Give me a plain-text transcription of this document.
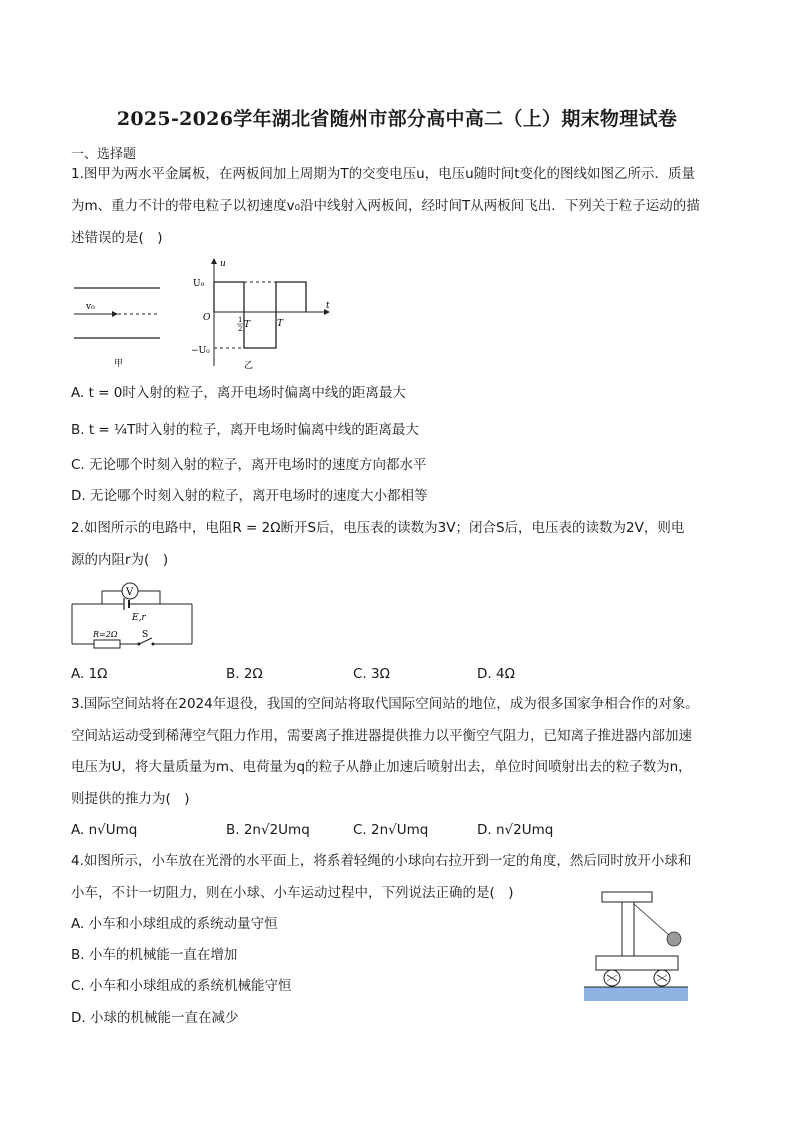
2025-2026学年湖北省随州市部分高中高二（上）期末物理试卷
一、选择题
1.图甲为两水平金属板，在两板间加上周期为T的交变电压u，电压u随时间t变化的图线如图乙所示．质量
为m、重力不计的带电粒子以初速度v₀沿中线射入两板间，经时间T从两板间飞出．下列关于粒子运动的描
述错误的是(　)
v₀
甲
u
t
U₀
−U₀
O	1
2 T	T
乙
A. t = 0时入射的粒子，离开电场时偏离中线的距离最大
B. t = ¼T时入射的粒子，离开电场时偏离中线的距离最大
C. 无论哪个时刻入射的粒子，离开电场时的速度方向都水平
D. 无论哪个时刻入射的粒子，离开电场时的速度大小都相等
2.如图所示的电路中，电阻R = 2Ω断开S后，电压表的读数为3V；闭合S后，电压表的读数为2V，则电
源的内阻r为(　)
V
E,r
R=2Ω	S
A. 1Ω	B. 2Ω	C. 3Ω	D. 4Ω
3.国际空间站将在2024年退役，我国的空间站将取代国际空间站的地位，成为很多国家争相合作的对象。
空间站运动受到稀薄空气阻力作用，需要离子推进器提供推力以平衡空气阻力，已知离子推进器内部加速
电压为U，将大量质量为m、电荷量为q的粒子从静止加速后喷射出去，单位时间喷射出去的粒子数为n，
则提供的推力为(　)
A. n√Umq	B. 2n√2Umq	C. 2n√Umq	D. n√2Umq
4.如图所示，小车放在光滑的水平面上，将系着轻绳的小球向右拉开到一定的角度，然后同时放开小球和
小车，不计一切阻力，则在小球、小车运动过程中，下列说法正确的是(　)
A. 小车和小球组成的系统动量守恒
B. 小车的机械能一直在增加
C. 小车和小球组成的系统机械能守恒
D. 小球的机械能一直在减少
